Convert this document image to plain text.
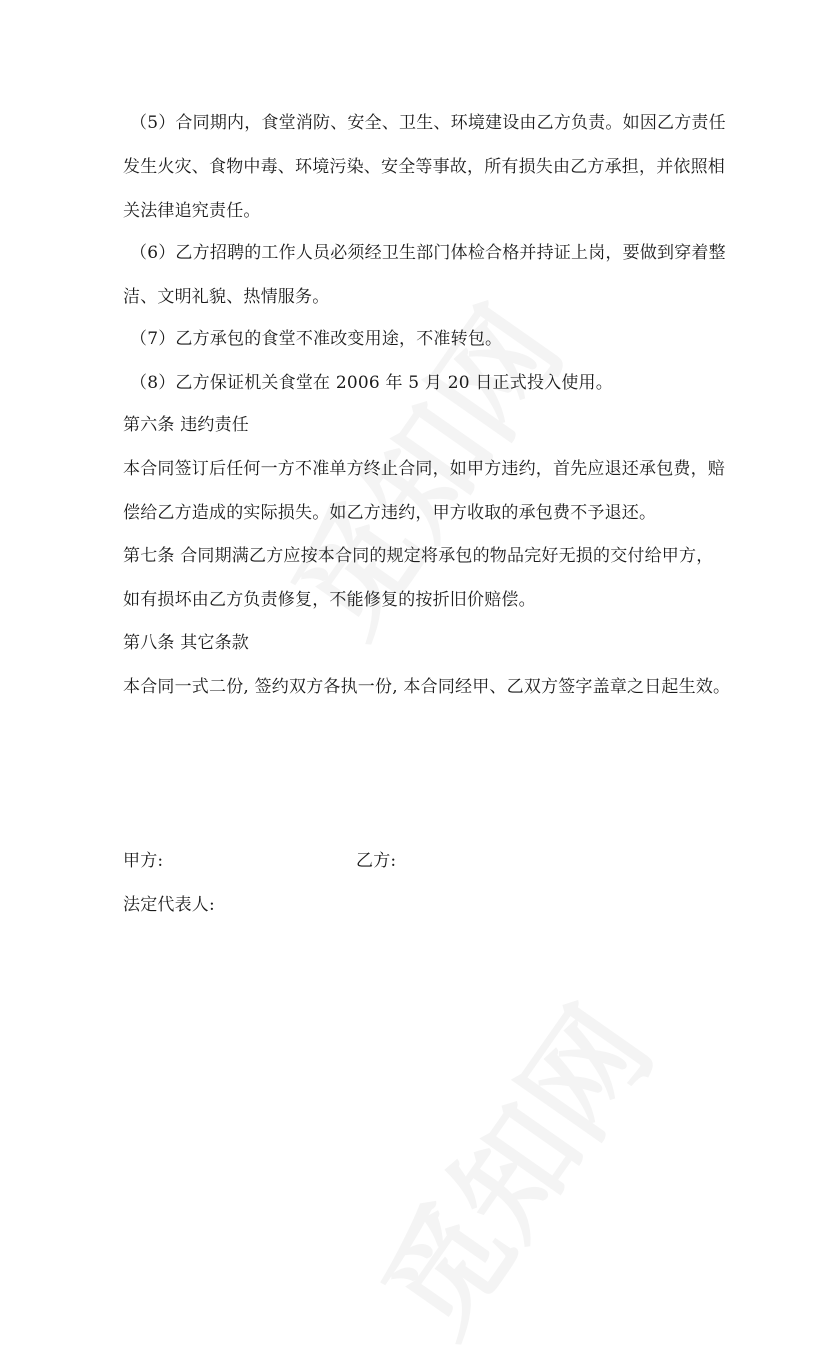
（5）合同期内，食堂消防、安全、卫生、环境建设由乙方负责。如因乙方责任
发生火灾、食物中毒、环境污染、安全等事故，所有损失由乙方承担，并依照相
关法律追究责任。
（6）乙方招聘的工作人员必须经卫生部门体检合格并持证上岗，要做到穿着整
洁、文明礼貌、热情服务。
（7）乙方承包的食堂不准改变用途，不准转包。
（8）乙方保证机关食堂在 2006 年 5 月 20 日正式投入使用。
第六条 违约责任
本合同签订后任何一方不准单方终止合同，如甲方违约，首先应退还承包费，赔
偿给乙方造成的实际损失。如乙方违约，甲方收取的承包费不予退还。
第七条 合同期满乙方应按本合同的规定将承包的物品完好无损的交付给甲方，
如有损坏由乙方负责修复，不能修复的按折旧价赔偿。
第八条 其它条款
本合同一式二份, 签约双方各执一份, 本合同经甲、乙双方签字盖章之日起生效。
甲方:	乙方:
法定代表人:
